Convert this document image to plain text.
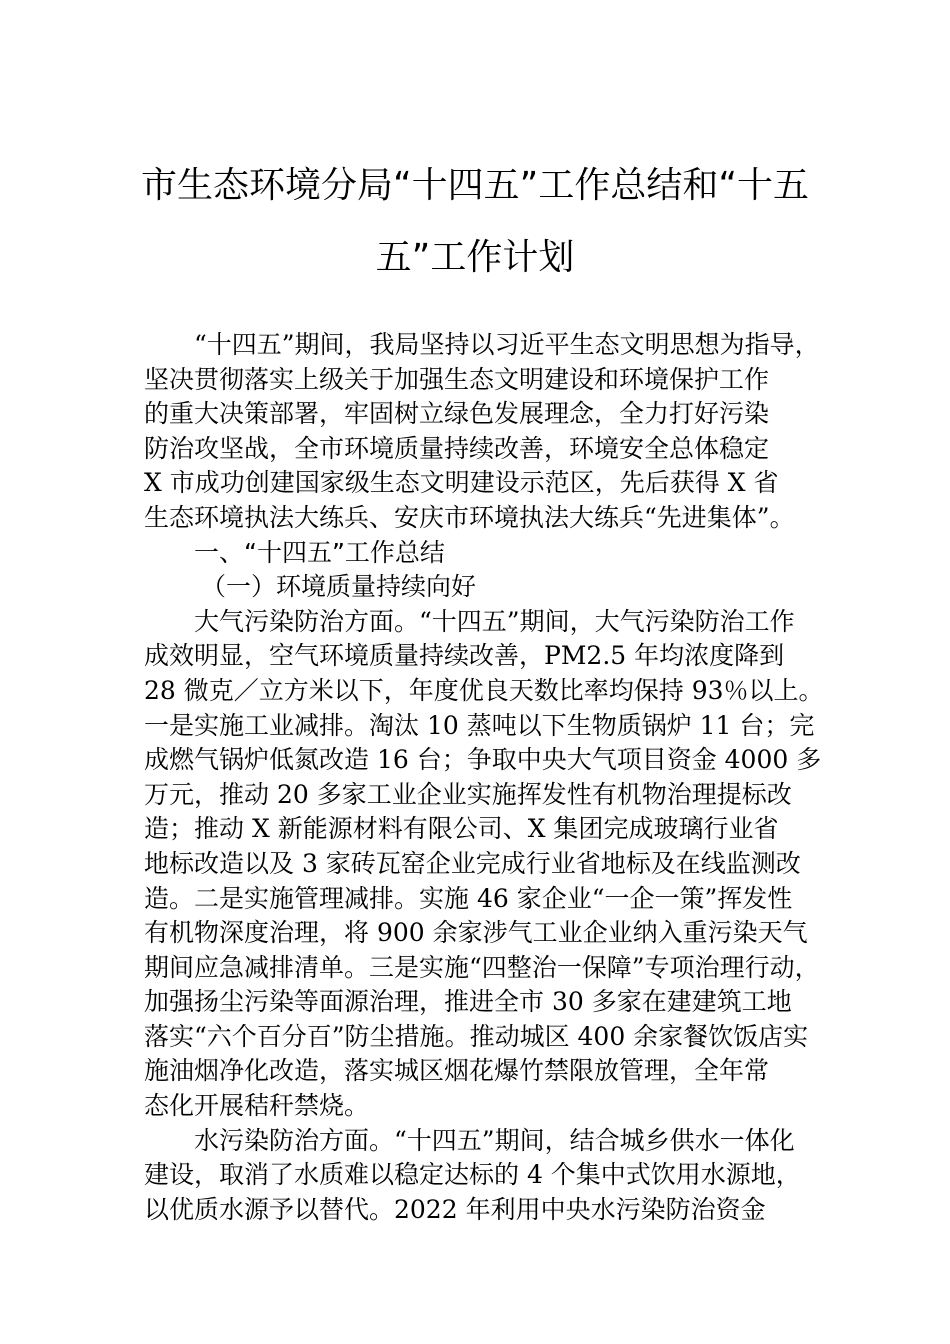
市生态环境分局“十四五”工作总结和“十五
五”工作计划
“十四五”期间，我局坚持以习近平生态文明思想为指导，
坚决贯彻落实上级关于加强生态文明建设和环境保护工作
的重大决策部署，牢固树立绿色发展理念，全力打好污染
防治攻坚战，全市环境质量持续改善，环境安全总体稳定
X 市成功创建国家级生态文明建设示范区，先后获得 X 省
生态环境执法大练兵、安庆市环境执法大练兵“先进集体”。
一、“十四五”工作总结
（一）环境质量持续向好
大气污染防治方面。“十四五”期间，大气污染防治工作
成效明显，空气环境质量持续改善，PM2.5 年均浓度降到
28 微克／立方米以下，年度优良天数比率均保持 93％以上。
一是实施工业减排。淘汰 10 蒸吨以下生物质锅炉 11 台；完
成燃气锅炉低氮改造 16 台；争取中央大气项目资金 4000 多
万元，推动 20 多家工业企业实施挥发性有机物治理提标改
造；推动 X 新能源材料有限公司、X 集团完成玻璃行业省
地标改造以及 3 家砖瓦窑企业完成行业省地标及在线监测改
造。二是实施管理减排。实施 46 家企业“一企一策”挥发性
有机物深度治理，将 900 余家涉气工业企业纳入重污染天气
期间应急减排清单。三是实施“四整治一保障”专项治理行动，
加强扬尘污染等面源治理，推进全市 30 多家在建建筑工地
落实“六个百分百”防尘措施。推动城区 400 余家餐饮饭店实
施油烟净化改造，落实城区烟花爆竹禁限放管理，全年常
态化开展秸秆禁烧。
水污染防治方面。“十四五”期间，结合城乡供水一体化
建设，取消了水质难以稳定达标的 4 个集中式饮用水源地，
以优质水源予以替代。2022 年利用中央水污染防治资金
